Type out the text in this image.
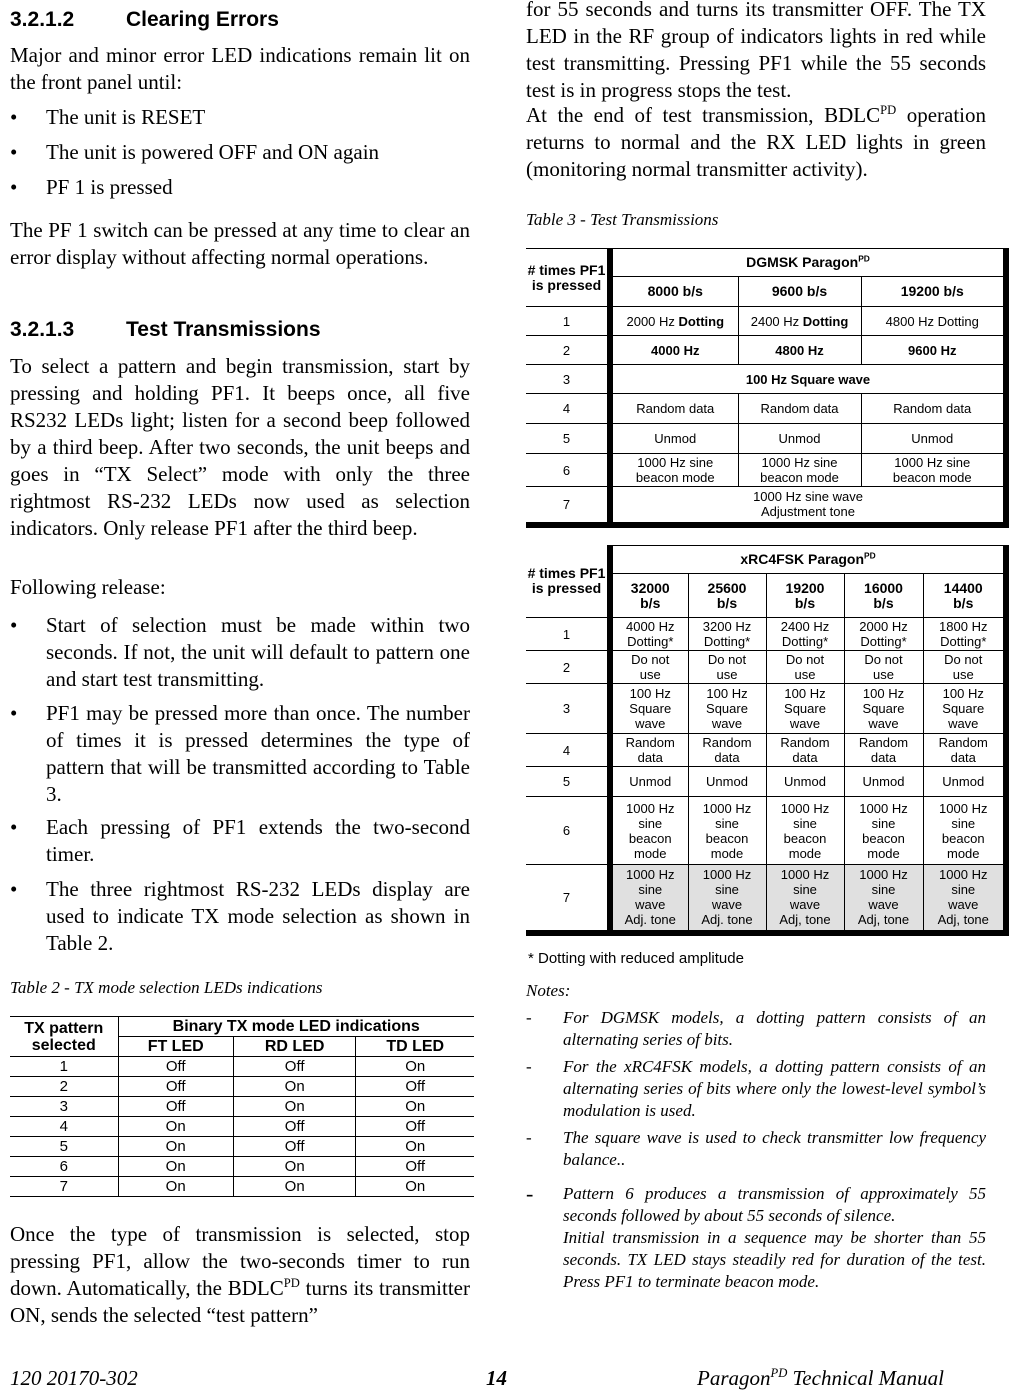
3.2.1.2 Clearing Errors

Major and minor error LED indications remain lit on the front panel until:

• The unit is RESET
• The unit is powered OFF and ON again
• PF 1 is pressed

The PF 1 switch can be pressed at any time to clear an error display without affecting normal operations.

3.2.1.3 Test Transmissions

To select a pattern and begin transmission, start by pressing and holding PF1. It beeps once, all five RS232 LEDs light; listen for a second beep followed by a third beep. After two seconds, the unit beeps and goes in “TX Select” mode with only the three rightmost RS-232 LEDs now used as selection indicators. Only release PF1 after the third beep.

Following release:

• Start of selection must be made within two seconds. If not, the unit will default to pattern one and start test transmitting.
• PF1 may be pressed more than once. The number of times it is pressed determines the type of pattern that will be transmitted according to Table 3.
• Each pressing of PF1 extends the two-second timer.
• The three rightmost RS-232 LEDs display are used to indicate TX mode selection as shown in Table 2.
Table 2 - TX mode selection LEDs indications
TX pattern selected	Binary TX mode LED indications		
	FT LED	RD LED	TD LED
1	Off	Off	On
2	Off	On	Off
3	Off	On	On
4	On	Off	Off
5	On	Off	On
6	On	On	Off
7	On	On	On

Once the type of transmission is selected, stop pressing PF1, allow the two-seconds timer to run down. Automatically, the $BDLC^{PD}$ turns its transmitter ON, sends the selected “test pattern”

for 55 seconds and turns its transmitter OFF. The TX LED in the RF group of indicators lights in red while test transmitting. Pressing PF1 while the 55 seconds test is in progress stops the test.

At the end of test transmission, $BDLC^{PD}$ operation returns to normal and the RX LED lights in green (monitoring normal transmitter activity).

Table 3 - Test Transmissions
# times PF1 is pressed	DGMSK Paragon$^{PD}$
	8000 b/s	9600 b/s	19200 b/s
1	2000 Hz Dotting	2400 Hz Dotting	4800 Hz Dotting
2	4000 Hz	4800 Hz	9600 Hz
3	100 Hz Square wave		
4	Random data	Random data	Random data
5	Unmod	Unmod	Unmod
6	1000 Hz sine
beacon mode	1000 Hz sine
beacon mode	1000 Hz sine
beacon mode
7	1000 Hz sine wave
Adjustment tone		
# times PF1 is pressed	xRC4FSK Paragon$^{PD}$
	32000
b/s	25600
b/s	19200
b/s	16000
b/s	14400
b/s
1	4000 Hz
Dotting*	3200 Hz
Dotting*	2400 Hz
Dotting*	2000 Hz
Dotting*	1800 Hz
Dotting*
2	Do not
use	Do not
use	Do not
use	Do not
use	Do not
use
3	100 Hz
Square
wave	100 Hz
Square
wave	100 Hz
Square
wave	100 Hz
Square
wave	100 Hz
Square
wave
4	Random
data	Random
data	Random
data	Random
data	Random
data
5	Unmod	Unmod	Unmod	Unmod	Unmod
6	1000 Hz
sine
beacon
mode	1000 Hz
sine
beacon
mode	1000 Hz
sine
beacon
mode	1000 Hz
sine
beacon
mode	1000 Hz
sine
beacon
mode
7	1000 Hz
sine
wave
Adj. tone	1000 Hz
sine
wave
Adj. tone	1000 Hz
sine
wave
Adj, tone	1000 Hz
sine
wave
Adj, tone	1000 Hz
sine
wave
Adj, tone
* Dotting with reduced amplitude
Notes:
- For DGMSK models, a dotting pattern consists of an alternating series of bits.
- For the xRC4FSK models, a dotting pattern consists of an alternating series of bits where only the lowest-level symbol’s modulation is used.
- The square wave is used to check transmitter low frequency balance..
- Pattern 6 produces a transmission of approximately 55 seconds followed by about 55 seconds of silence.
Initial transmission in a sequence may be shorter than 55 seconds. TX LED stays steadily red for duration of the test. Press PF1 to terminate beacon mode.
120 20170-302	14	Paragon$^{PD}$ Technical Manual
